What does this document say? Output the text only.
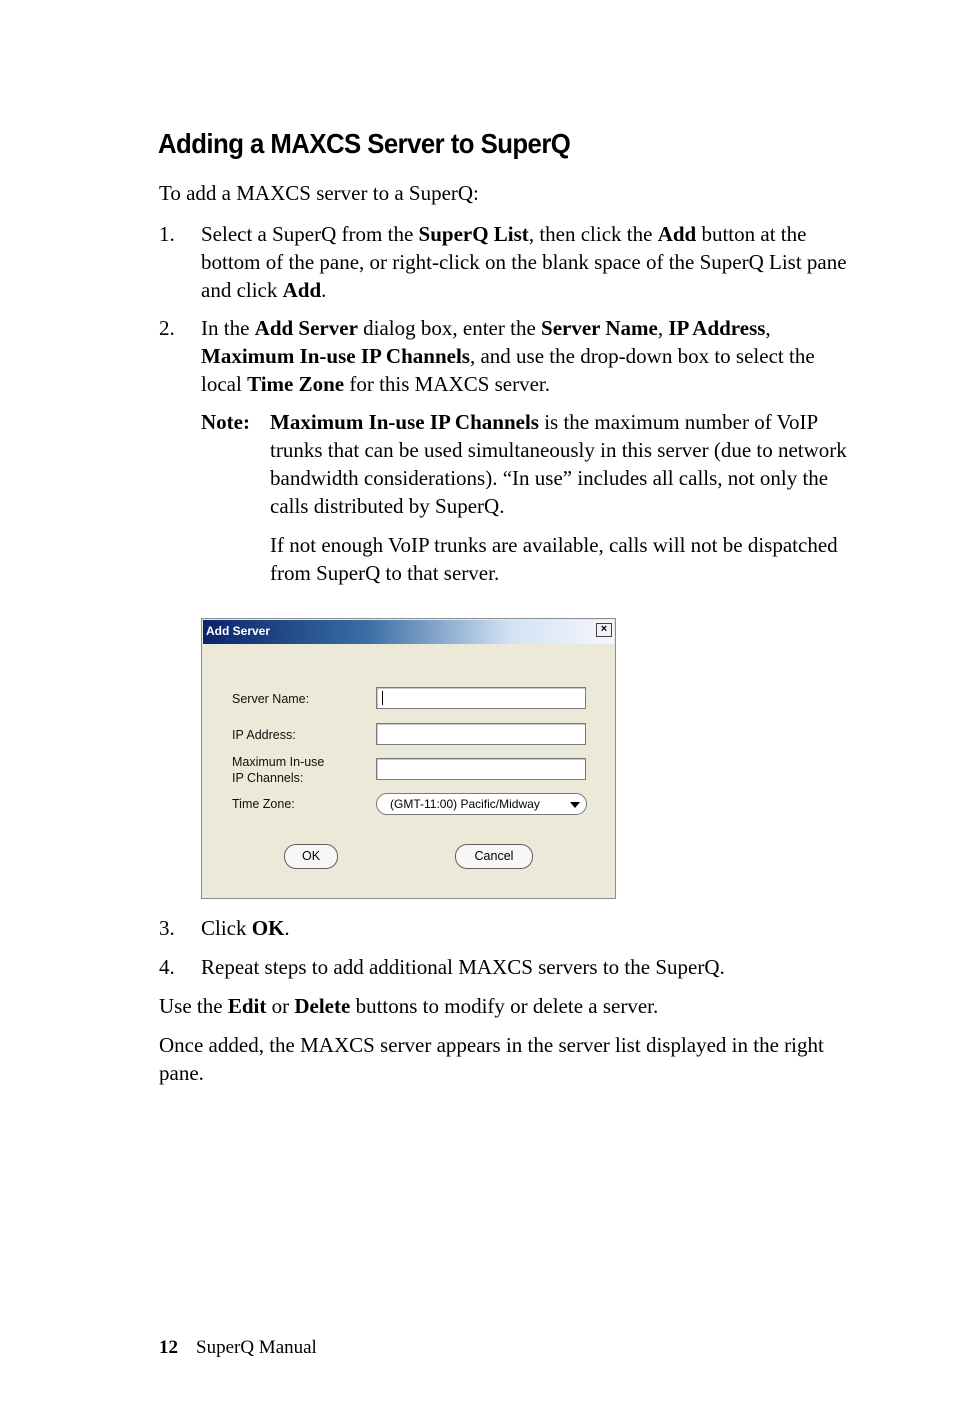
Adding a MAXCS Server to SuperQ

To add a MAXCS server to a SuperQ:

1. Select a SuperQ from the SuperQ List, then click the Add button at the bottom of the pane, or right-click on the blank space of the SuperQ List pane and click Add.
2. In the Add Server dialog box, enter the Server Name, IP Address, Maximum In-use IP Channels, and use the drop-down box to select the local Time Zone for this MAXCS server.
Note: Maximum In-use IP Channels is the maximum number of VoIP trunks that can be used simultaneously in this server (due to network bandwidth considerations). “In use” includes all calls, not only the calls distributed by SuperQ.
If not enough VoIP trunks are available, calls will not be dispatched from SuperQ to that server.
Add Server	×
Server Name:
IP Address:
Maximum In-use
IP Channels:
Time Zone:	(GMT-11:00) Pacific/Midway
OK	Cancel
3. Click OK.
4. Repeat steps to add additional MAXCS servers to the SuperQ.

Use the Edit or Delete buttons to modify or delete a server.

Once added, the MAXCS server appears in the server list displayed in the right pane.

12 SuperQ Manual
